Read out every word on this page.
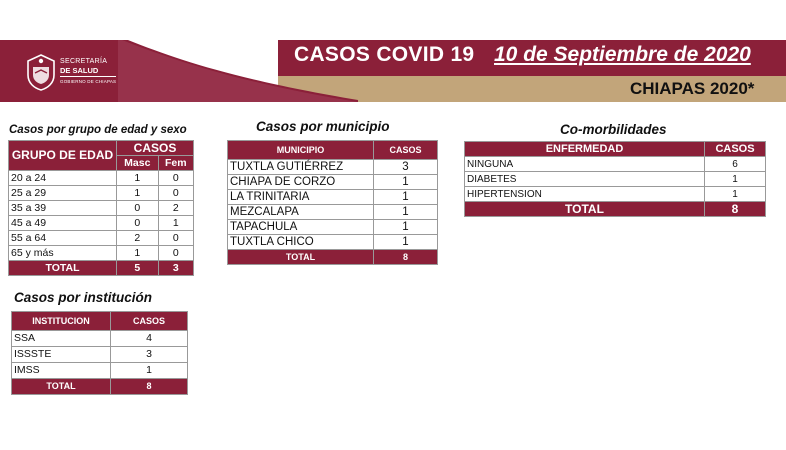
SECRETARÍA
DE SALUD
GOBIERNO DE CHIAPAS
CASOS COVID 19 10 de Septiembre de 2020
CHIAPAS 2020*
Casos por grupo de edad y sexo
GRUPO DE EDAD	CASOS	
	Masc	Fem
20 a 24	1	0
25 a 29	1	0
35 a 39	0	2
45 a 49	0	1
55 a 64	2	0
65 y más	1	0
TOTAL	5	3
Casos por municipio
MUNICIPIO	CASOS
TUXTLA GUTIÉRREZ	3
CHIAPA DE CORZO	1
LA TRINITARIA	1
MEZCALAPA	1
TAPACHULA	1
TUXTLA CHICO	1
TOTAL	8
Co-morbilidades
ENFERMEDAD	CASOS
NINGUNA	6
DIABETES	1
HIPERTENSION	1
TOTAL	8
Casos por institución
INSTITUCION	CASOS
SSA	4
ISSSTE	3
IMSS	1
TOTAL	8
